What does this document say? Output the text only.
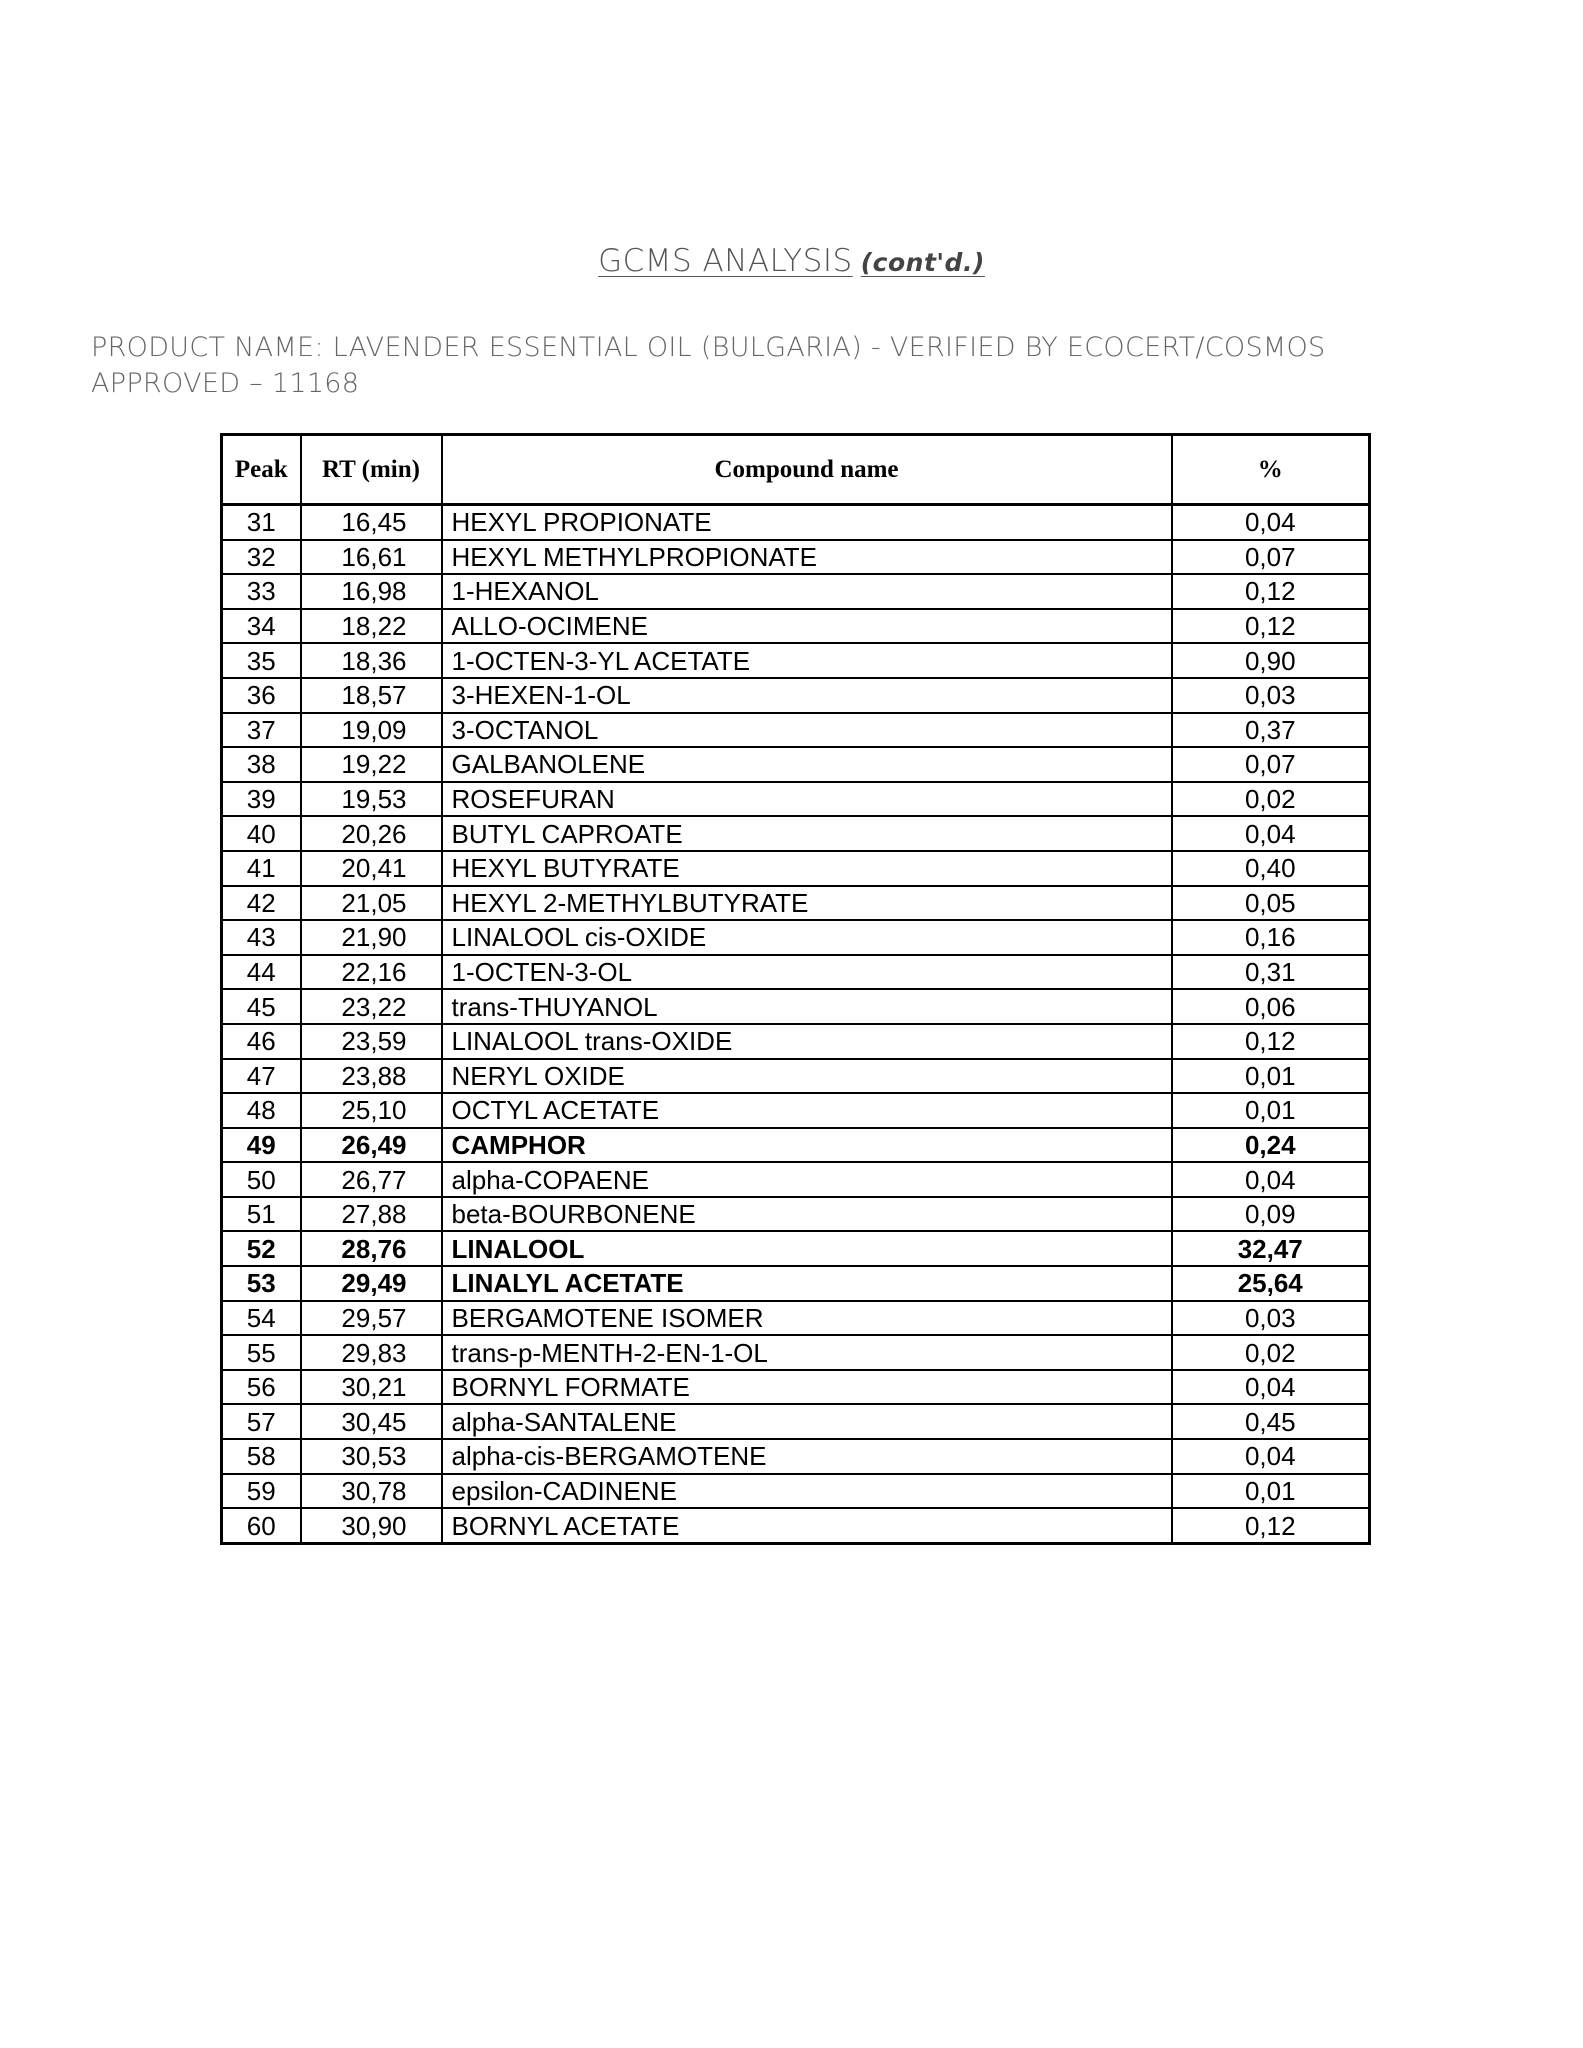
GCMS ANALYSIS (cont'd.)
PRODUCT NAME: LAVENDER ESSENTIAL OIL (BULGARIA) - VERIFIED BY ECOCERT/COSMOS
APPROVED – 11168
Peak	RT (min)	Compound name	%
31	16,45	HEXYL PROPIONATE	0,04
32	16,61	HEXYL METHYLPROPIONATE	0,07
33	16,98	1-HEXANOL	0,12
34	18,22	ALLO-OCIMENE	0,12
35	18,36	1-OCTEN-3-YL ACETATE	0,90
36	18,57	3-HEXEN-1-OL	0,03
37	19,09	3-OCTANOL	0,37
38	19,22	GALBANOLENE	0,07
39	19,53	ROSEFURAN	0,02
40	20,26	BUTYL CAPROATE	0,04
41	20,41	HEXYL BUTYRATE	0,40
42	21,05	HEXYL 2-METHYLBUTYRATE	0,05
43	21,90	LINALOOL cis-OXIDE	0,16
44	22,16	1-OCTEN-3-OL	0,31
45	23,22	trans-THUYANOL	0,06
46	23,59	LINALOOL trans-OXIDE	0,12
47	23,88	NERYL OXIDE	0,01
48	25,10	OCTYL ACETATE	0,01
49	26,49	CAMPHOR	0,24
50	26,77	alpha-COPAENE	0,04
51	27,88	beta-BOURBONENE	0,09
52	28,76	LINALOOL	32,47
53	29,49	LINALYL ACETATE	25,64
54	29,57	BERGAMOTENE ISOMER	0,03
55	29,83	trans-p-MENTH-2-EN-1-OL	0,02
56	30,21	BORNYL FORMATE	0,04
57	30,45	alpha-SANTALENE	0,45
58	30,53	alpha-cis-BERGAMOTENE	0,04
59	30,78	epsilon-CADINENE	0,01
60	30,90	BORNYL ACETATE	0,12
